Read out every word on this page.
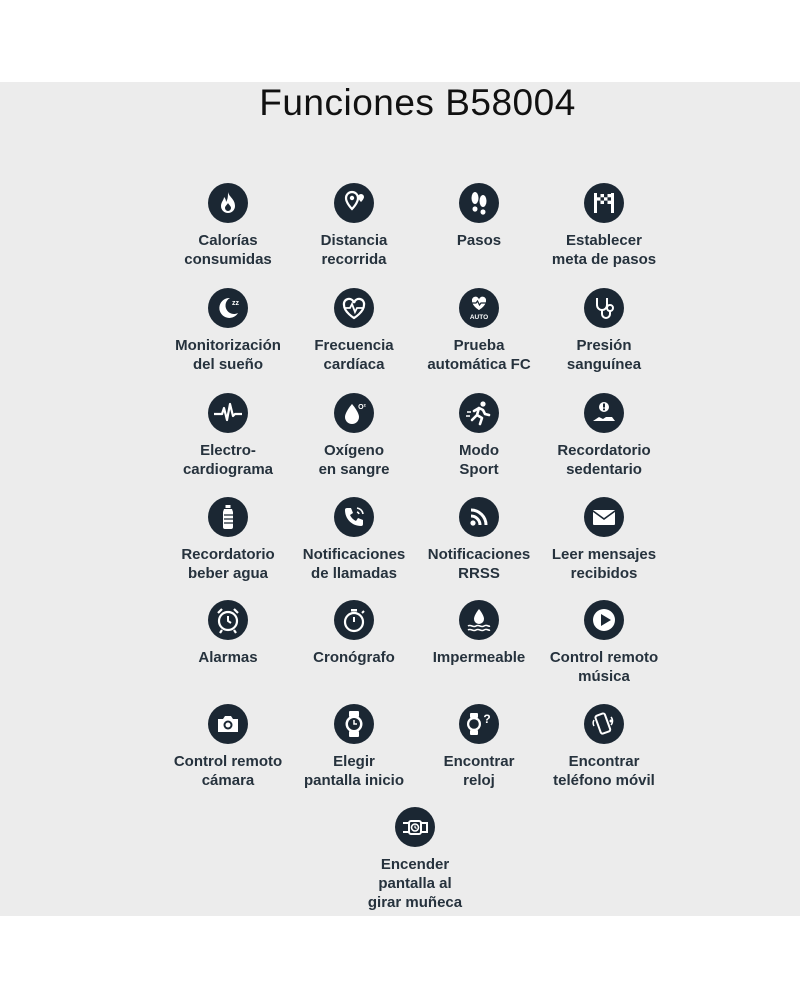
Funciones B58004
Calorías
consumidas
Distancia
recorrida
Pasos	Establecer
meta de pasos
zz
Monitorización
del sueño
Frecuencia
cardíaca
AUTO
Prueba
automática FC
Presión
sanguínea
Electro-
cardiograma
O²
Oxígeno
en sangre
Modo
Sport
Recordatorio
sedentario
Recordatorio
beber agua
Notificaciones
de llamadas
Notificaciones
RRSS
Leer mensajes
recibidos
Alarmas	Cronógrafo	Impermeable	Control remoto
música
Control remoto
cámara
Elegir
pantalla inicio
?
Encontrar
reloj
Encontrar
teléfono móvil
Encender
pantalla al
girar muñeca
